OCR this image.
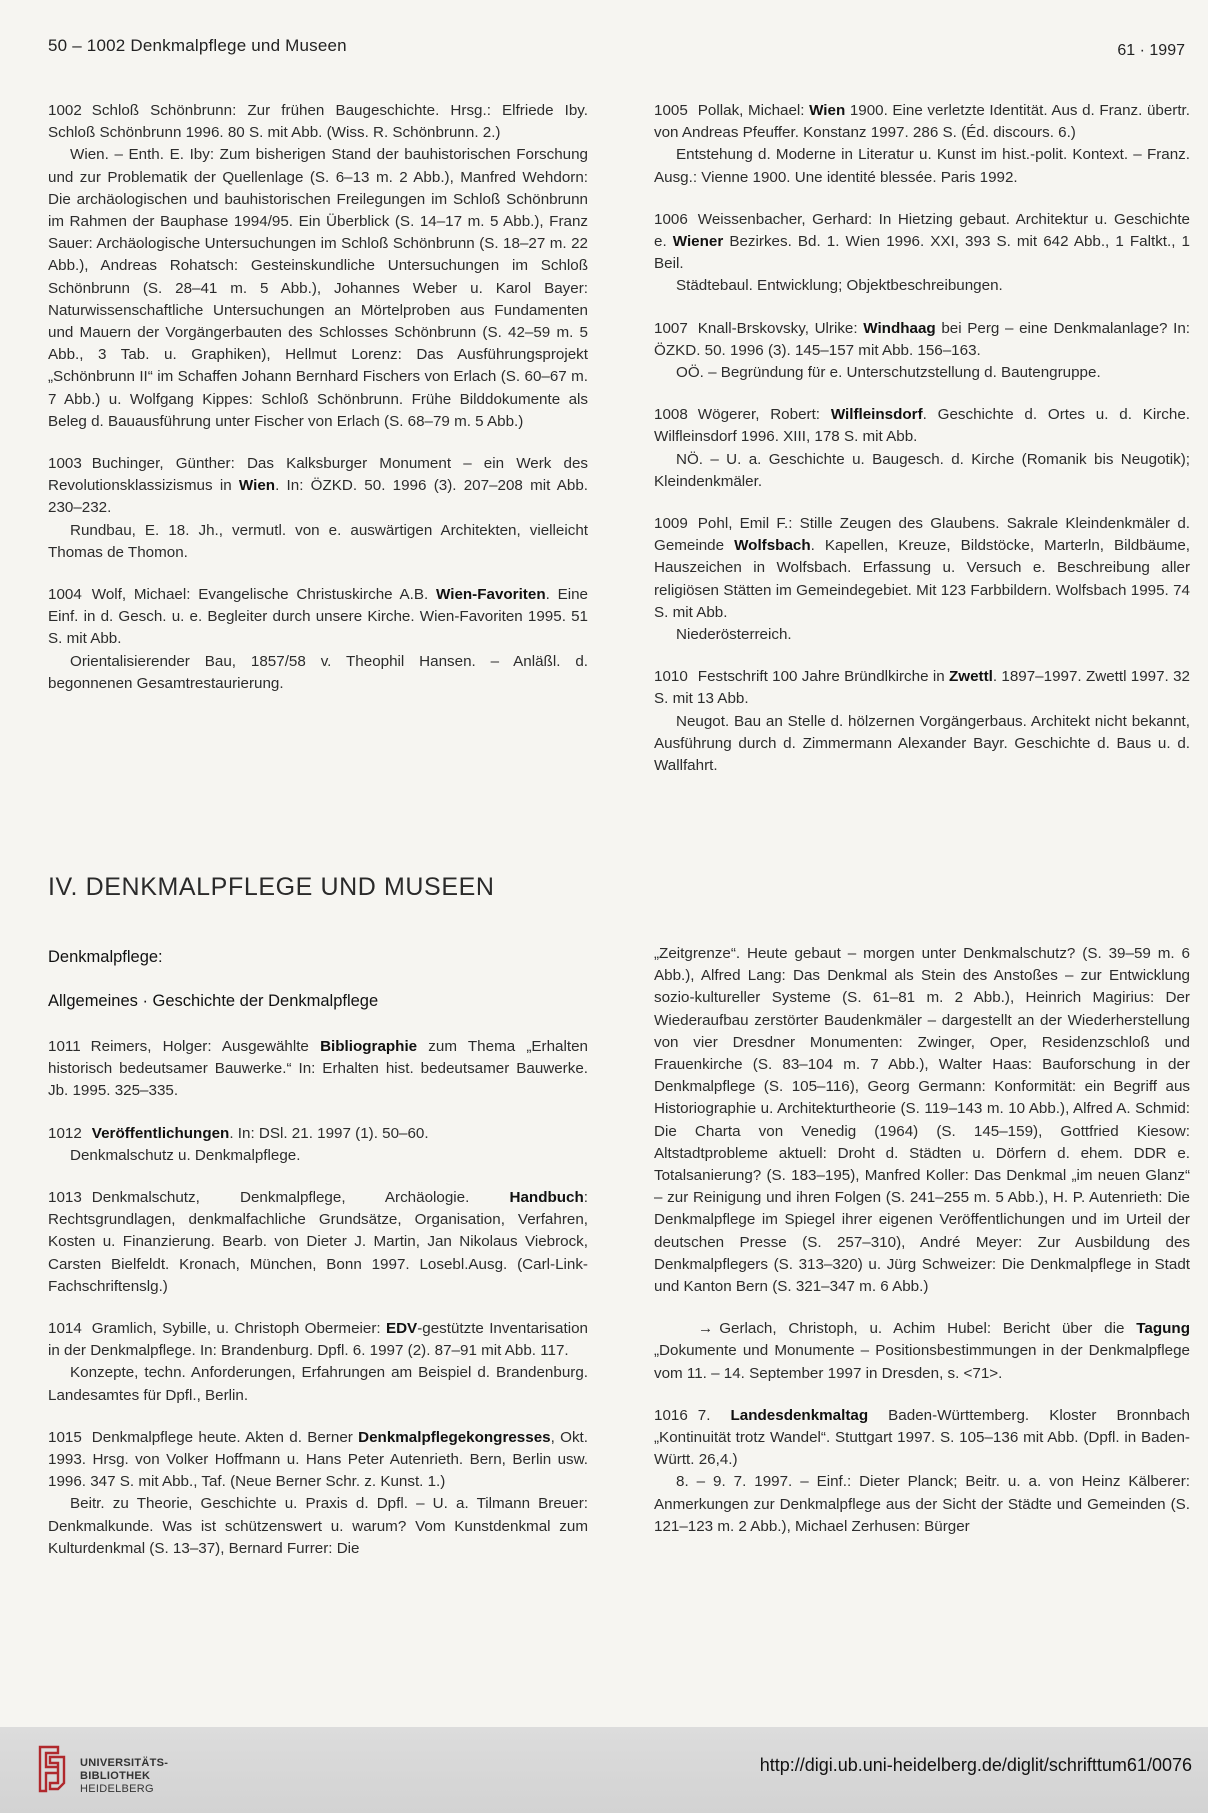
50 – 1002 Denkmalpflege und Museen	61 · 1997

1002 Schloß Schönbrunn: Zur frühen Baugeschichte. Hrsg.: Elfriede Iby. Schloß Schönbrunn 1996. 80 S. mit Abb. (Wiss. R. Schönbrunn. 2.)

Wien. – Enth. E. Iby: Zum bisherigen Stand der bauhistorischen Forschung und zur Problematik der Quellenlage (S. 6–13 m. 2 Abb.), Manfred Wehdorn: Die archäologischen und bauhistorischen Freilegungen im Schloß Schönbrunn im Rahmen der Bauphase 1994/95. Ein Überblick (S. 14–17 m. 5 Abb.), Franz Sauer: Archäologische Untersuchungen im Schloß Schönbrunn (S. 18–27 m. 22 Abb.), Andreas Rohatsch: Gesteinskundliche Untersuchungen im Schloß Schönbrunn (S. 28–41 m. 5 Abb.), Johannes Weber u. Karol Bayer: Naturwissenschaftliche Untersuchungen an Mörtelproben aus Fundamenten und Mauern der Vorgängerbauten des Schlosses Schönbrunn (S. 42–59 m. 5 Abb., 3 Tab. u. Graphiken), Hellmut Lorenz: Das Ausführungsprojekt „Schönbrunn II“ im Schaffen Johann Bernhard Fischers von Erlach (S. 60–67 m. 7 Abb.) u. Wolfgang Kippes: Schloß Schönbrunn. Frühe Bilddokumente als Beleg d. Bauausführung unter Fischer von Erlach (S. 68–79 m. 5 Abb.)

1003 Buchinger, Günther: Das Kalksburger Monument – ein Werk des Revolutionsklassizismus in Wien. In: ÖZKD. 50. 1996 (3). 207–208 mit Abb. 230–232.

Rundbau, E. 18. Jh., vermutl. von e. auswärtigen Architekten, vielleicht Thomas de Thomon.

1004 Wolf, Michael: Evangelische Christuskirche A.B. Wien-Favoriten. Eine Einf. in d. Gesch. u. e. Begleiter durch unsere Kirche. Wien-Favoriten 1995. 51 S. mit Abb.

Orientalisierender Bau, 1857/58 v. Theophil Hansen. – Anläßl. d. begonnenen Gesamtrestaurierung.

1005 Pollak, Michael: Wien 1900. Eine verletzte Identität. Aus d. Franz. übertr. von Andreas Pfeuffer. Konstanz 1997. 286 S. (Éd. discours. 6.)

Entstehung d. Moderne in Literatur u. Kunst im hist.-polit. Kontext. – Franz. Ausg.: Vienne 1900. Une identité blessée. Paris 1992.

1006 Weissenbacher, Gerhard: In Hietzing gebaut. Architektur u. Geschichte e. Wiener Bezirkes. Bd. 1. Wien 1996. XXI, 393 S. mit 642 Abb., 1 Faltkt., 1 Beil.

Städtebaul. Entwicklung; Objektbeschreibungen.

1007 Knall-Brskovsky, Ulrike: Windhaag bei Perg – eine Denkmalanlage? In: ÖZKD. 50. 1996 (3). 145–157 mit Abb. 156–163.

OÖ. – Begründung für e. Unterschutzstellung d. Bautengruppe.

1008 Wögerer, Robert: Wilfleinsdorf. Geschichte d. Ortes u. d. Kirche. Wilfleinsdorf 1996. XIII, 178 S. mit Abb.

NÖ. – U. a. Geschichte u. Baugesch. d. Kirche (Romanik bis Neugotik); Kleindenkmäler.

1009 Pohl, Emil F.: Stille Zeugen des Glaubens. Sakrale Kleindenkmäler d. Gemeinde Wolfsbach. Kapellen, Kreuze, Bildstöcke, Marterln, Bildbäume, Hauszeichen in Wolfsbach. Erfassung u. Versuch e. Beschreibung aller religiösen Stätten im Gemeindegebiet. Mit 123 Farbbildern. Wolfsbach 1995. 74 S. mit Abb.

Niederösterreich.

1010 Festschrift 100 Jahre Bründlkirche in Zwettl. 1897–1997. Zwettl 1997. 32 S. mit 13 Abb.

Neugot. Bau an Stelle d. hölzernen Vorgängerbaus. Architekt nicht bekannt, Ausführung durch d. Zimmermann Alexander Bayr. Geschichte d. Baus u. d. Wallfahrt.

IV. DENKMALPFLEGE UND MUSEEN
Denkmalpflege:
Allgemeines · Geschichte der Denkmalpflege

1011 Reimers, Holger: Ausgewählte Bibliographie zum Thema „Erhalten historisch bedeutsamer Bauwerke.“ In: Erhalten hist. bedeutsamer Bauwerke. Jb. 1995. 325–335.

1012 Veröffentlichungen. In: DSl. 21. 1997 (1). 50–60.

Denkmalschutz u. Denkmalpflege.

1013 Denkmalschutz, Denkmalpflege, Archäologie. Handbuch: Rechtsgrundlagen, denkmalfachliche Grundsätze, Organisation, Verfahren, Kosten u. Finanzierung. Bearb. von Dieter J. Martin, Jan Nikolaus Viebrock, Carsten Bielfeldt. Kronach, München, Bonn 1997. Losebl.Ausg. (Carl-Link-Fachschriftenslg.)

1014 Gramlich, Sybille, u. Christoph Obermeier: EDV-gestützte Inventarisation in der Denkmalpflege. In: Brandenburg. Dpfl. 6. 1997 (2). 87–91 mit Abb. 117.

Konzepte, techn. Anforderungen, Erfahrungen am Beispiel d. Brandenburg. Landesamtes für Dpfl., Berlin.

1015 Denkmalpflege heute. Akten d. Berner Denkmalpflegekongresses, Okt. 1993. Hrsg. von Volker Hoffmann u. Hans Peter Autenrieth. Bern, Berlin usw. 1996. 347 S. mit Abb., Taf. (Neue Berner Schr. z. Kunst. 1.)

Beitr. zu Theorie, Geschichte u. Praxis d. Dpfl. – U. a. Tilmann Breuer: Denkmalkunde. Was ist schützenswert u. warum? Vom Kunstdenkmal zum Kulturdenkmal (S. 13–37), Bernard Furrer: Die

„Zeitgrenze“. Heute gebaut – morgen unter Denkmalschutz? (S. 39–59 m. 6 Abb.), Alfred Lang: Das Denkmal als Stein des Anstoßes – zur Entwicklung sozio-kultureller Systeme (S. 61–81 m. 2 Abb.), Heinrich Magirius: Der Wiederaufbau zerstörter Baudenkmäler – dargestellt an der Wiederherstellung von vier Dresdner Monumenten: Zwinger, Oper, Residenzschloß und Frauenkirche (S. 83–104 m. 7 Abb.), Walter Haas: Bauforschung in der Denkmalpflege (S. 105–116), Georg Germann: Konformität: ein Begriff aus Historiographie u. Architekturtheorie (S. 119–143 m. 10 Abb.), Alfred A. Schmid: Die Charta von Venedig (1964) (S. 145–159), Gottfried Kiesow: Altstadtprobleme aktuell: Droht d. Städten u. Dörfern d. ehem. DDR e. Totalsanierung? (S. 183–195), Manfred Koller: Das Denkmal „im neuen Glanz“ – zur Reinigung und ihren Folgen (S. 241–255 m. 5 Abb.), H. P. Autenrieth: Die Denkmalpflege im Spiegel ihrer eigenen Veröffentlichungen und im Urteil der deutschen Presse (S. 257–310), André Meyer: Zur Ausbildung des Denkmalpflegers (S. 313–320) u. Jürg Schweizer: Die Denkmalpflege in Stadt und Kanton Bern (S. 321–347 m. 6 Abb.)

→ Gerlach, Christoph, u. Achim Hubel: Bericht über die Tagung „Dokumente und Monumente – Positionsbestimmungen in der Denkmalpflege vom 11. – 14. September 1997 in Dresden, s. <71>.

1016 7. Landesdenkmaltag Baden-Württemberg. Kloster Bronnbach „Kontinuität trotz Wandel“. Stuttgart 1997. S. 105–136 mit Abb. (Dpfl. in Baden-Württ. 26,4.)

8. – 9. 7. 1997. – Einf.: Dieter Planck; Beitr. u. a. von Heinz Kälberer: Anmerkungen zur Denkmalpflege aus der Sicht der Städte und Gemeinden (S. 121–123 m. 2 Abb.), Michael Zerhusen: Bürger

UNIVERSITÄTS-
BIBLIOTHEK
HEIDELBERG
http://digi.ub.uni-heidelberg.de/diglit/schrifttum61/0076
